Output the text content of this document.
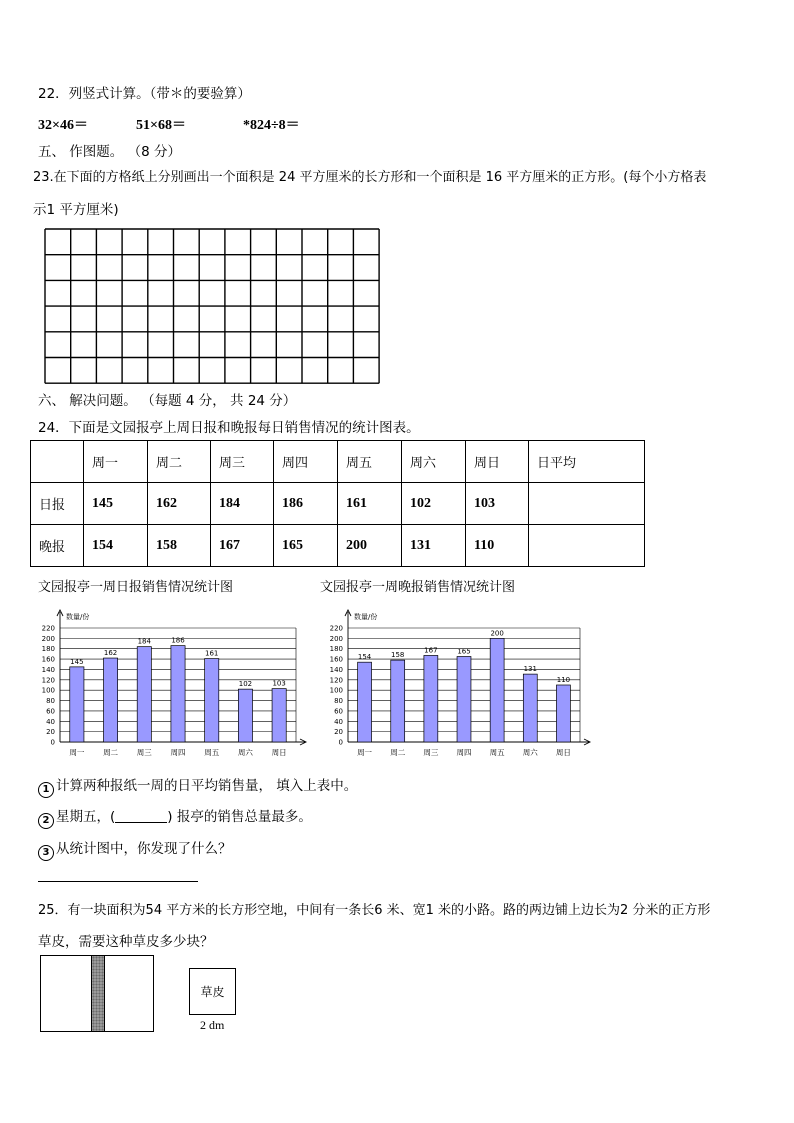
22．列竖式计算。（带＊的要验算）
32×46＝	51×68＝	*824÷8＝
五、 作图题。 （8 分）
23.在下面的方格纸上分别画出一个面积是 24 平方厘米的长方形和一个面积是 16 平方厘米的正方形。(每个小方格表
示1 平方厘米)
六、 解决问题。 （每题 4 分， 共 24 分）
24．下面是文园报亭上周日报和晚报每日销售情况的统计图表。
	周一	周二	周三	周四	周五	周六	周日	日平均
日报	145	162	184	186	161	102	103	
晚报	154	158	167	165	200	131	110	
文园报亭一周日报销售情况统计图	文园报亭一周晚报销售情况统计图
0
20
40
60
80
100
120
140
160
180
200
220
数量/份
145
周一
162
周二
184
周三
186
周四
161
周五
102
周六
103
周日
0
20
40
60
80
100
120
140
160
180
200
220
数量/份
154
周一
158
周二
167
周三
165
周四
200
周五
131
周六
110
周日
1 计算两种报纸一周的日平均销售量， 填入上表中。
2 星期五，(	) 报亭的销售总量最多。
3 从统计图中，你发现了什么？
25．有一块面积为54 平方米的长方形空地，中间有一条长6 米、宽1 米的小路。路的两边铺上边长为2 分米的正方形
草皮，需要这种草皮多少块？
草皮
2 dm
